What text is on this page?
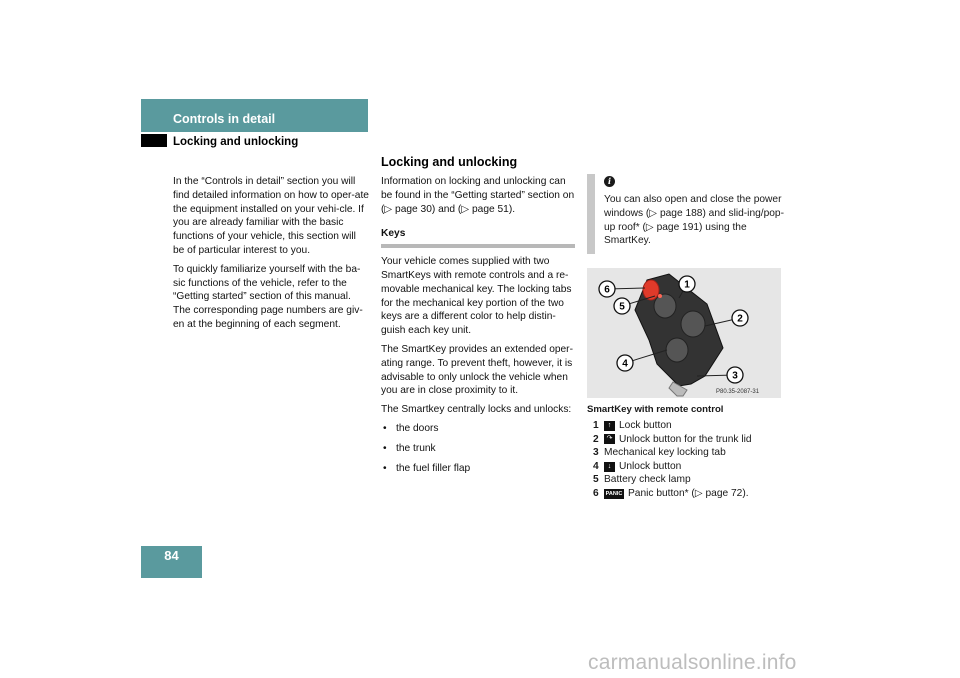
Controls in detail
Locking and unlocking

In the “Controls in detail” section you will find detailed information on how to oper-ate the equipment installed on your vehi-cle. If you are already familiar with the basic functions of your vehicle, this section will be of particular interest to you.

To quickly familiarize yourself with the ba-sic functions of the vehicle, refer to the “Getting started” section of this manual. The corresponding page numbers are giv-en at the beginning of each segment.

Locking and unlocking

Information on locking and unlocking can be found in the “Getting started” section on (▷ page 30) and (▷ page 51).

Keys

Your vehicle comes supplied with two SmartKeys with remote controls and a re-movable mechanical key. The locking tabs for the mechanical key portion of the two keys are a different color to help distin-guish each key unit.

The SmartKey provides an extended oper-ating range. To prevent theft, however, it is advisable to only unlock the vehicle when you are in close proximity to it.

The Smartkey centrally locks and unlocks:

• the doors
• the trunk
• the fuel filler flap
i
You can also open and close the power windows (▷ page 188) and slid-ing/pop-up roof* (▷ page 191) using the SmartKey.
1
2
3
4
5
6
P80.35-2087-31
SmartKey with remote control
1	↑ Lock button
2	↷ Unlock button for the trunk lid
3 Mechanical key locking tab
4	↓ Unlock button
5 Battery check lamp
6	PANIC Panic button* (▷ page 72).
84
carmanualsonline.info
